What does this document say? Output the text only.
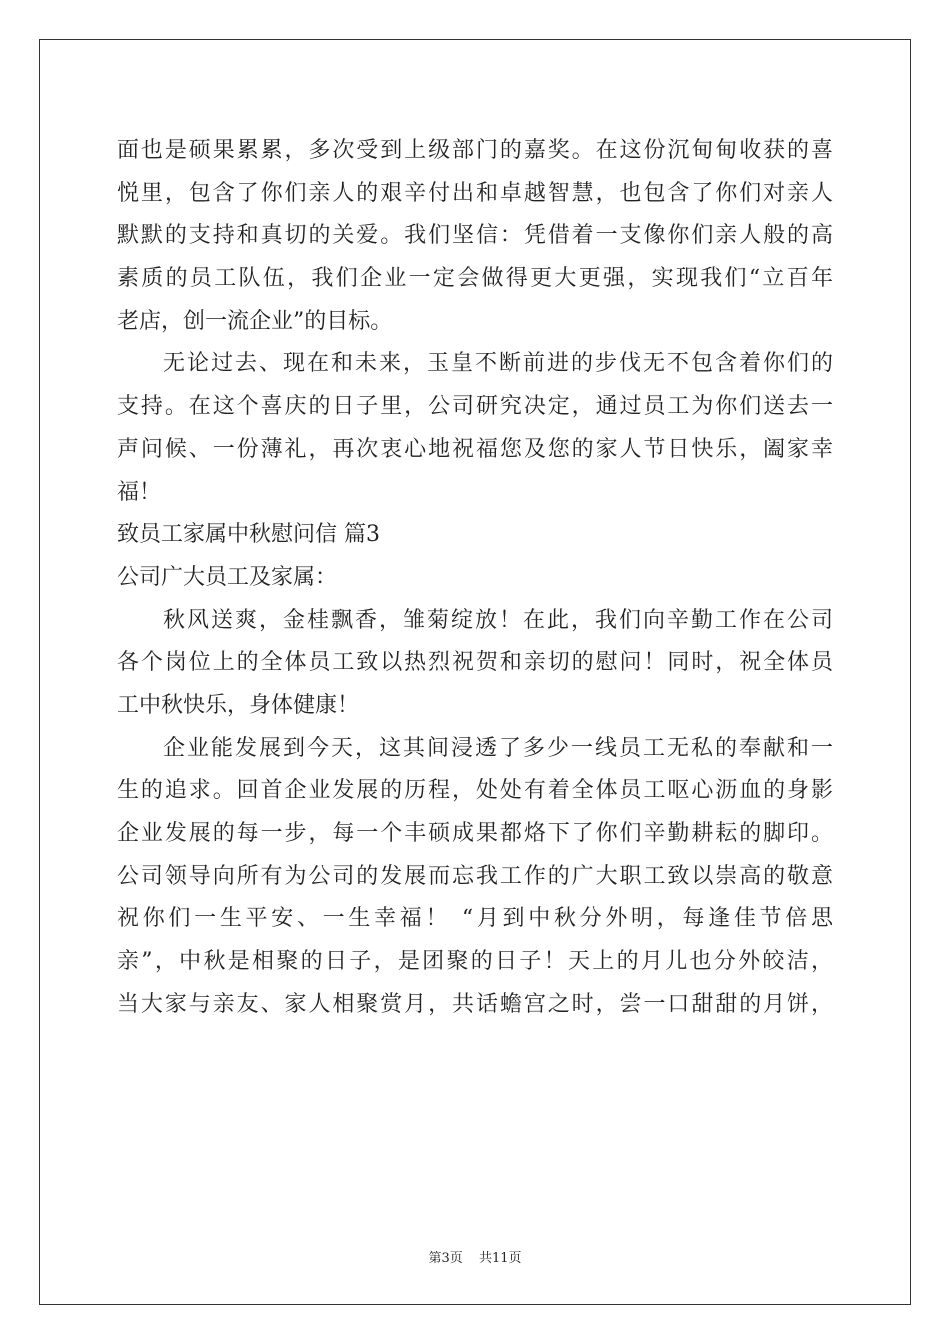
面也是硕果累累，多次受到上级部门的嘉奖。在这份沉甸甸收获的喜
悦里，包含了你们亲人的艰辛付出和卓越智慧，也包含了你们对亲人
默默的支持和真切的关爱。我们坚信：凭借着一支像你们亲人般的高
素质的员工队伍，我们企业一定会做得更大更强，实现我们“立百年
老店，创一流企业”的目标。
无论过去、现在和未来，玉皇不断前进的步伐无不包含着你们的
支持。在这个喜庆的日子里，公司研究决定，通过员工为你们送去一
声问候、一份薄礼，再次衷心地祝福您及您的家人节日快乐，阖家幸
福！
致员工家属中秋慰问信 篇3
公司广大员工及家属：
秋风送爽，金桂飘香，雏菊绽放！在此，我们向辛勤工作在公司
各个岗位上的全体员工致以热烈祝贺和亲切的慰问！同时，祝全体员
工中秋快乐，身体健康！
企业能发展到今天，这其间浸透了多少一线员工无私的奉献和一
生的追求。回首企业发展的历程，处处有着全体员工呕心沥血的身影
企业发展的每一步，每一个丰硕成果都烙下了你们辛勤耕耘的脚印。
公司领导向所有为公司的发展而忘我工作的广大职工致以崇高的敬意
祝你们一生平安、一生幸福！ “月到中秋分外明，每逢佳节倍思
亲”，中秋是相聚的日子，是团聚的日子！天上的月儿也分外皎洁，
当大家与亲友、家人相聚赏月，共话蟾宫之时，尝一口甜甜的月饼，
第3页 共11页
